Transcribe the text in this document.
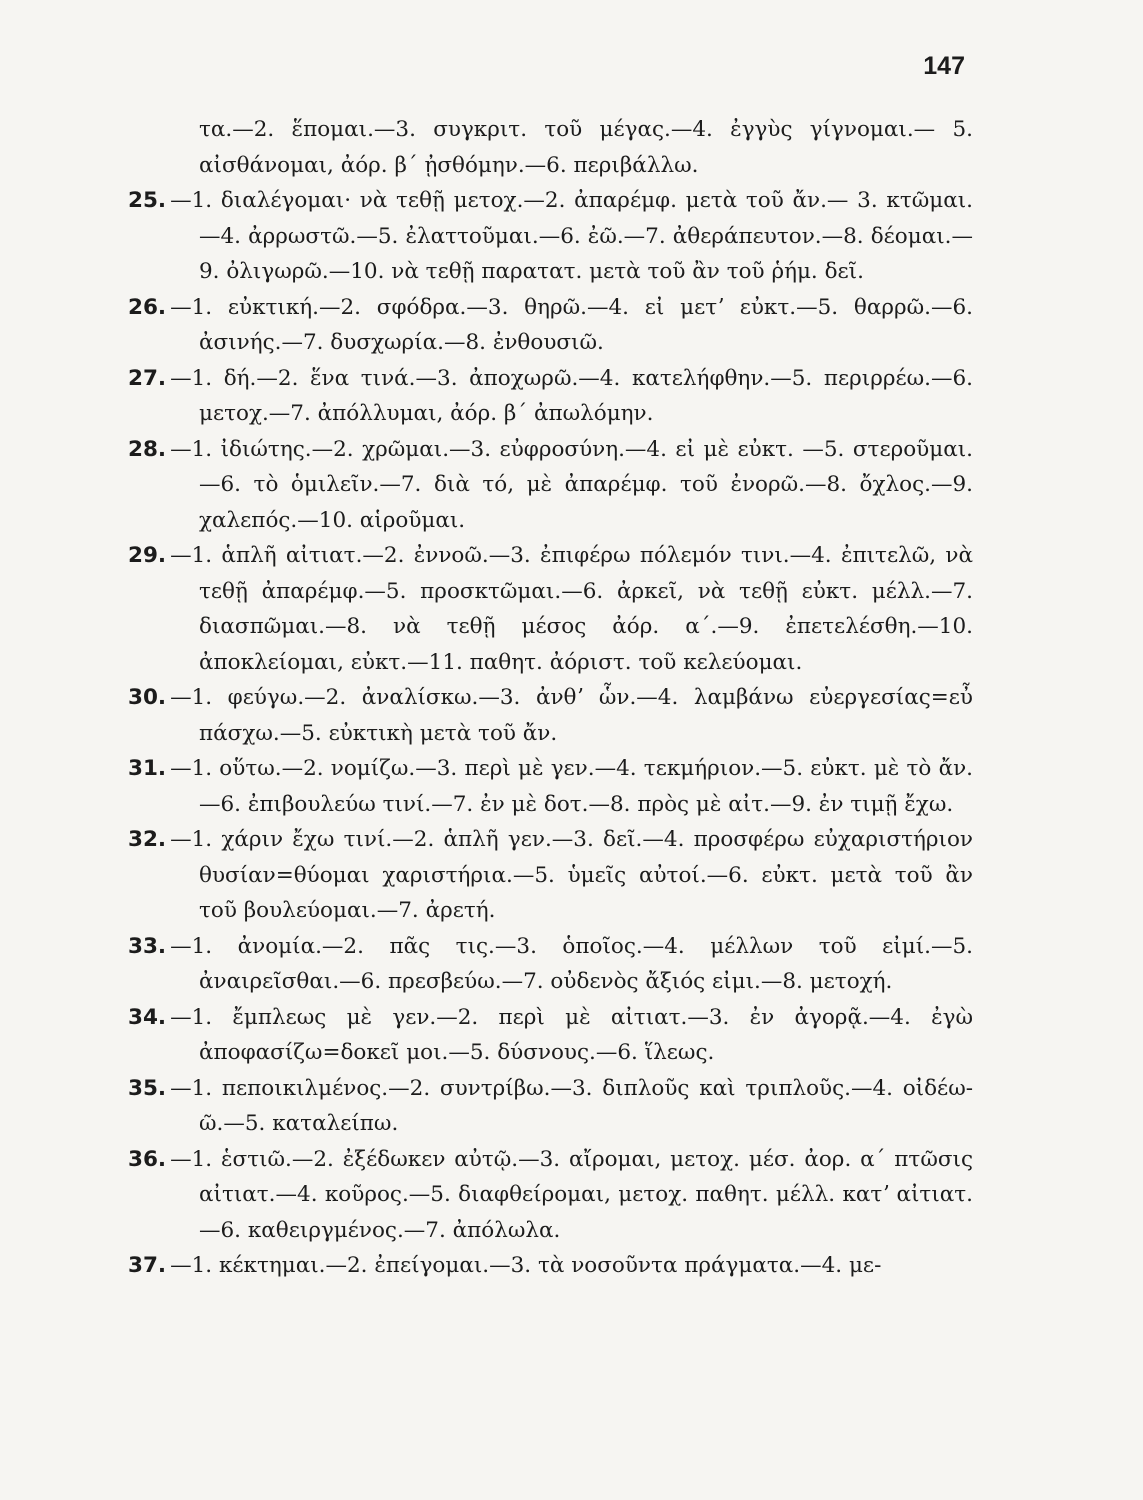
147
τα.—2. ἕπομαι.—3. συγκριτ. τοῦ μέγας.—4. ἐγγὺς γίγνομαι.— 5. αἰσθάνομαι, ἀόρ. β´ ᾐσθόμην.—6. περιβάλλω.
25. —1. διαλέγομαι· νὰ τεθῇ μετοχ.—2. ἀπαρέμφ. μετὰ τοῦ ἄν.— 3. κτῶμαι.—4. ἀρρωστῶ.—5. ἐλαττοῦμαι.—6. ἐῶ.—7. ἀθεράπευτον.—8. δέομαι.—9. ὀλιγωρῶ.—10. νὰ τεθῇ παρατατ. μετὰ τοῦ ἂν τοῦ ῥήμ. δεῖ.
26. —1. εὐκτική.—2. σφόδρα.—3. θηρῶ.—4. εἰ μετʼ εὐκτ.—5. θαρρῶ.—6. ἀσινής.—7. δυσχωρία.—8. ἐνθουσιῶ.
27. —1. δή.—2. ἕνα τινά.—3. ἀποχωρῶ.—4. κατελήφθην.—5. περιρρέω.—6. μετοχ.—7. ἀπόλλυμαι, ἀόρ. β´ ἀπωλόμην.
28. —1. ἰδιώτης.—2. χρῶμαι.—3. εὐφροσύνη.—4. εἰ μὲ εὐκτ. —5. στεροῦμαι.—6. τὸ ὁμιλεῖν.—7. διὰ τό, μὲ ἀπαρέμφ. τοῦ ἐνορῶ.—8. ὄχλος.—9. χαλεπός.—10. αἱροῦμαι.
29. —1. ἁπλῆ αἰτιατ.—2. ἐννοῶ.—3. ἐπιφέρω πόλεμόν τινι.—4. ἐπιτελῶ, νὰ τεθῇ ἀπαρέμφ.—5. προσκτῶμαι.—6. ἀρκεῖ, νὰ τεθῇ εὐκτ. μέλλ.—7. διασπῶμαι.—8. νὰ τεθῇ μέσος ἀόρ. α´.—9. ἐπετελέσθη.—10. ἀποκλείομαι, εὐκτ.—11. παθητ. ἀόριστ. τοῦ κελεύομαι.
30. —1. φεύγω.—2. ἀναλίσκω.—3. ἀνθʼ ὧν.—4. λαμβάνω εὐεργεσίας=εὖ πάσχω.—5. εὐκτικὴ μετὰ τοῦ ἄν.
31. —1. οὕτω.—2. νομίζω.—3. περὶ μὲ γεν.—4. τεκμήριον.—5. εὐκτ. μὲ τὸ ἄν.—6. ἐπιβουλεύω τινί.—7. ἐν μὲ δοτ.—8. πρὸς μὲ αἰτ.—9. ἐν τιμῇ ἔχω.
32. —1. χάριν ἔχω τινί.—2. ἁπλῆ γεν.—3. δεῖ.—4. προσφέρω εὐχαριστήριον θυσίαν=θύομαι χαριστήρια.—5. ὑμεῖς αὐτοί.—6. εὐκτ. μετὰ τοῦ ἂν τοῦ βουλεύομαι.—7. ἀρετή.
33. —1. ἀνομία.—2. πᾶς τις.—3. ὁποῖος.—4. μέλλων τοῦ εἰμί.—5. ἀναιρεῖσθαι.—6. πρεσβεύω.—7. οὐδενὸς ἄξιός εἰμι.—8. μετοχή.
34. —1. ἔμπλεως μὲ γεν.—2. περὶ μὲ αἰτιατ.—3. ἐν ἀγορᾷ.—4. ἐγὼ ἀποφασίζω=δοκεῖ μοι.—5. δύσνους.—6. ἵλεως.
35. —1. πεποικιλμένος.—2. συντρίβω.—3. διπλοῦς καὶ τριπλοῦς.—4. οἰδέω-ῶ.—5. καταλείπω.
36. —1. ἑστιῶ.—2. ἐξέδωκεν αὐτῷ.—3. αἴρομαι, μετοχ. μέσ. ἀορ. α´ πτῶσις αἰτιατ.—4. κοῦρος.—5. διαφθείρομαι, μετοχ. παθητ. μέλλ. κατʼ αἰτιατ.—6. καθειργμένος.—7. ἀπόλωλα.
37. —1. κέκτημαι.—2. ἐπείγομαι.—3. τὰ νοσοῦντα πράγματα.—4. με-
